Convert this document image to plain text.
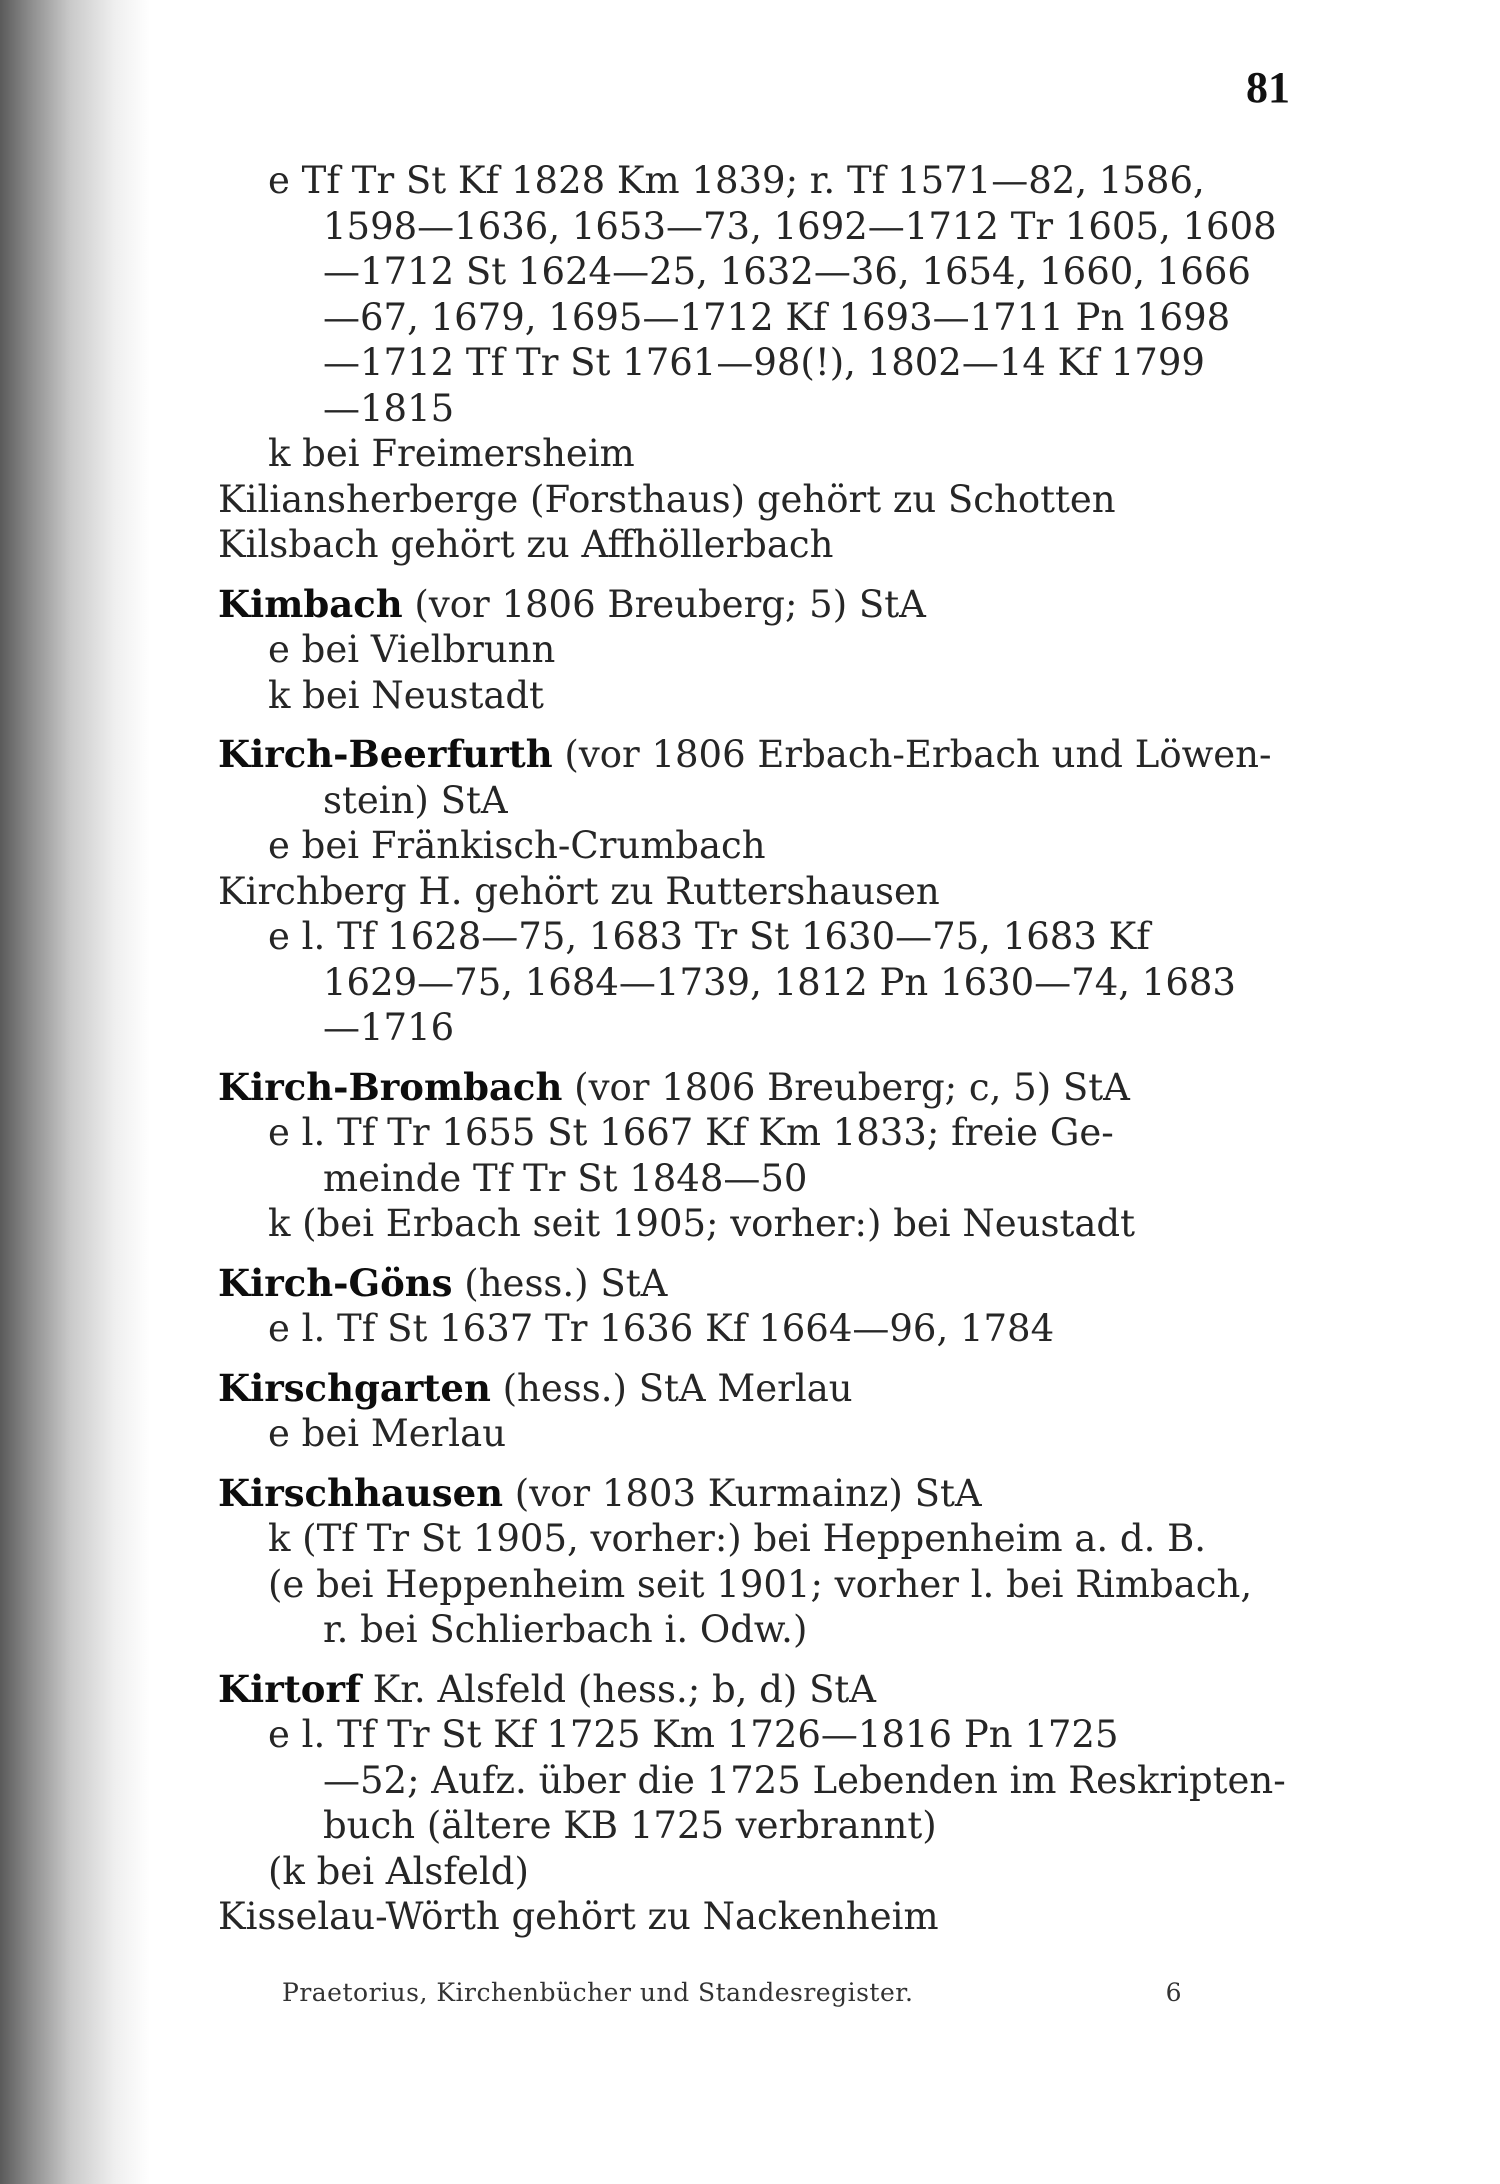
81
e Tf Tr St Kf 1828 Km 1839; r. Tf 1571—82, 1586,
1598—1636, 1653—73, 1692—1712 Tr 1605, 1608
—1712 St 1624—25, 1632—36, 1654, 1660, 1666
—67, 1679, 1695—1712 Kf 1693—1711 Pn 1698
—1712 Tf Tr St 1761—98(!), 1802—14 Kf 1799
—1815
k bei Freimersheim
Kiliansherberge (Forsthaus) gehört zu Schotten
Kilsbach gehört zu Affhöllerbach
Kimbach (vor 1806 Breuberg; 5) StA
e bei Vielbrunn
k bei Neustadt
Kirch-Beerfurth (vor 1806 Erbach-Erbach und Löwen-
stein) StA
e bei Fränkisch-Crumbach
Kirchberg H. gehört zu Ruttershausen
e l. Tf 1628—75, 1683 Tr St 1630—75, 1683 Kf
1629—75, 1684—1739, 1812 Pn 1630—74, 1683
—1716
Kirch-Brombach (vor 1806 Breuberg; c, 5) StA
e l. Tf Tr 1655 St 1667 Kf Km 1833; freie Ge-
meinde Tf Tr St 1848—50
k (bei Erbach seit 1905; vorher:) bei Neustadt
Kirch-Göns (hess.) StA
e l. Tf St 1637 Tr 1636 Kf 1664—96, 1784
Kirschgarten (hess.) StA Merlau
e bei Merlau
Kirschhausen (vor 1803 Kurmainz) StA
k (Tf Tr St 1905, vorher:) bei Heppenheim a. d. B.
(e bei Heppenheim seit 1901; vorher l. bei Rimbach,
r. bei Schlierbach i. Odw.)
Kirtorf Kr. Alsfeld (hess.; b, d) StA
e l. Tf Tr St Kf 1725 Km 1726—1816 Pn 1725
—52; Aufz. über die 1725 Lebenden im Reskripten-
buch (ältere KB 1725 verbrannt)
(k bei Alsfeld)
Kisselau-Wörth gehört zu Nackenheim
Praetorius, Kirchenbücher und Standesregister.	6
